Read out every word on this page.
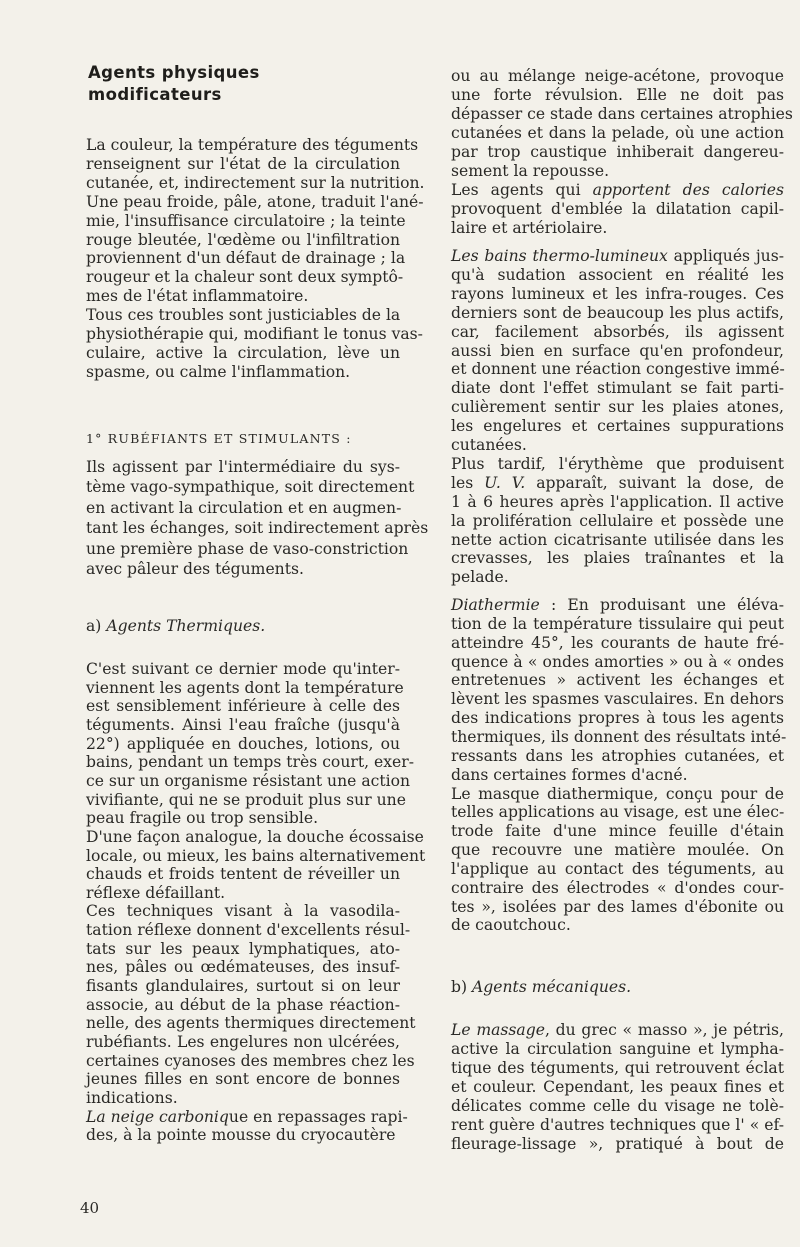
Agents physiques
modificateurs
La couleur, la température des téguments
renseignent sur l'état de la circulation
cutanée, et, indirectement sur la nutrition.
Une peau froide, pâle, atone, traduit l'ané-
mie, l'insuffisance circulatoire ; la teinte
rouge bleutée, l'œdème ou l'infiltration
proviennent d'un défaut de drainage ; la
rougeur et la chaleur sont deux symptô-
mes de l'état inflammatoire.
Tous ces troubles sont justiciables de la
physiothérapie qui, modifiant le tonus vas-
culaire, active la circulation, lève un
spasme, ou calme l'inflammation.
1° RUBÉFIANTS ET STIMULANTS :
Ils agissent par l'intermédiaire du sys-
tème vago-sympathique, soit directement
en activant la circulation et en augmen-
tant les échanges, soit indirectement après
une première phase de vaso-constriction
avec pâleur des téguments.
a) Agents Thermiques.
C'est suivant ce dernier mode qu'inter-
viennent les agents dont la température
est sensiblement inférieure à celle des
téguments. Ainsi l'eau fraîche (jusqu'à
22°) appliquée en douches, lotions, ou
bains, pendant un temps très court, exer-
ce sur un organisme résistant une action
vivifiante, qui ne se produit plus sur une
peau fragile ou trop sensible.
D'une façon analogue, la douche écossaise
locale, ou mieux, les bains alternativement
chauds et froids tentent de réveiller un
réflexe défaillant.
Ces techniques visant à la vasodila-
tation réflexe donnent d'excellents résul-
tats sur les peaux lymphatiques, ato-
nes, pâles ou œdémateuses, des insuf-
fisants glandulaires, surtout si on leur
associe, au début de la phase réaction-
nelle, des agents thermiques directement
rubéfiants. Les engelures non ulcérées,
certaines cyanoses des membres chez les
jeunes filles en sont encore de bonnes
indications.
La neige carbonique en repassages rapi-
des, à la pointe mousse du cryocautère
ou au mélange neige-acétone, provoque
une forte révulsion. Elle ne doit pas
dépasser ce stade dans certaines atrophies
cutanées et dans la pelade, où une action
par trop caustique inhiberait dangereu-
sement la repousse.
Les agents qui apportent des calories
provoquent d'emblée la dilatation capil-
laire et artériolaire.
Les bains thermo-lumineux appliqués jus-
qu'à sudation associent en réalité les
rayons lumineux et les infra-rouges. Ces
derniers sont de beaucoup les plus actifs,
car, facilement absorbés, ils agissent
aussi bien en surface qu'en profondeur,
et donnent une réaction congestive immé-
diate dont l'effet stimulant se fait parti-
culièrement sentir sur les plaies atones,
les engelures et certaines suppurations
cutanées.
Plus tardif, l'érythème que produisent
les U. V. apparaît, suivant la dose, de
1 à 6 heures après l'application. Il active
la prolifération cellulaire et possède une
nette action cicatrisante utilisée dans les
crevasses, les plaies traînantes et la
pelade.
Diathermie : En produisant une éléva-
tion de la température tissulaire qui peut
atteindre 45°, les courants de haute fré-
quence à « ondes amorties » ou à « ondes
entretenues » activent les échanges et
lèvent les spasmes vasculaires. En dehors
des indications propres à tous les agents
thermiques, ils donnent des résultats inté-
ressants dans les atrophies cutanées, et
dans certaines formes d'acné.
Le masque diathermique, conçu pour de
telles applications au visage, est une élec-
trode faite d'une mince feuille d'étain
que recouvre une matière moulée. On
l'applique au contact des téguments, au
contraire des électrodes « d'ondes cour-
tes », isolées par des lames d'ébonite ou
de caoutchouc.
b) Agents mécaniques.
Le massage, du grec « masso », je pétris,
active la circulation sanguine et lympha-
tique des téguments, qui retrouvent éclat
et couleur. Cependant, les peaux fines et
délicates comme celle du visage ne tolè-
rent guère d'autres techniques que l' « ef-
fleurage-lissage », pratiqué à bout de
40
